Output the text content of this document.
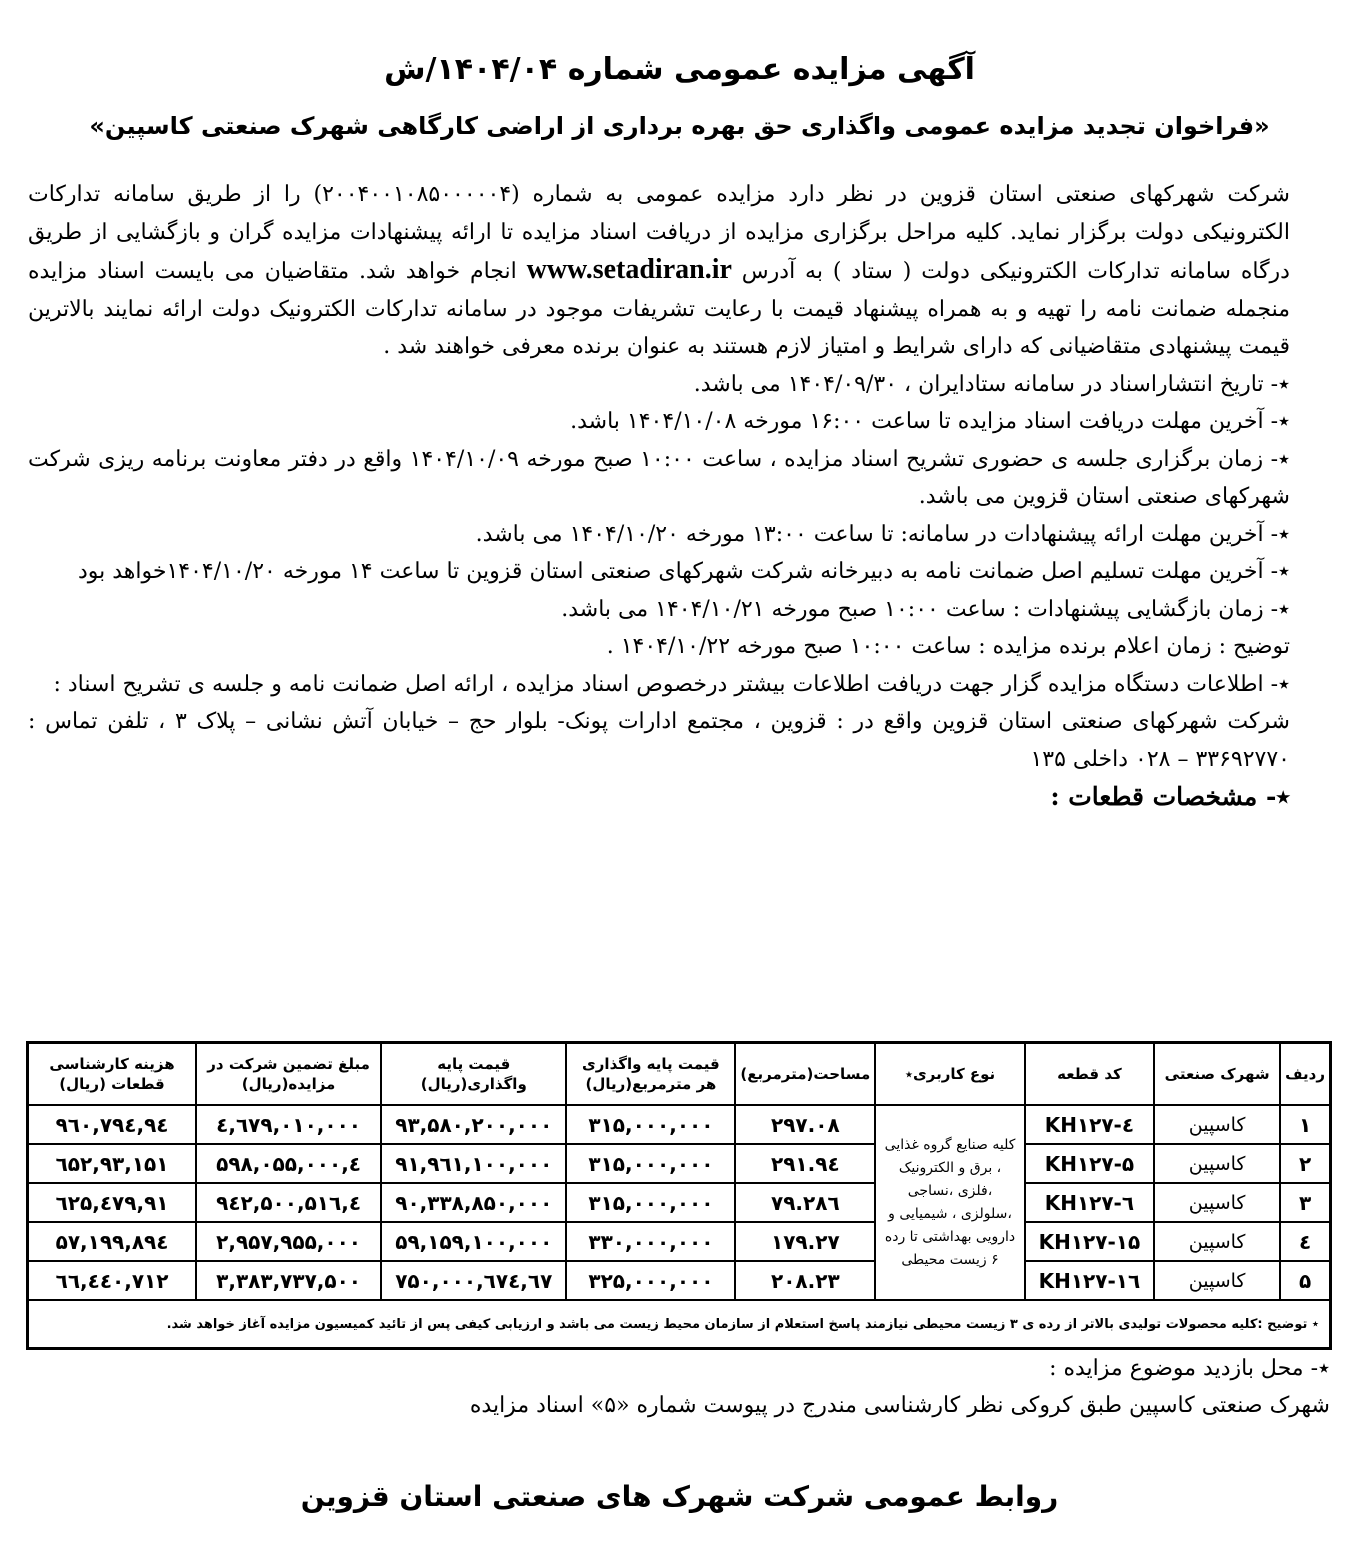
آگهی مزایده عمومی شماره ۱۴۰۴/۰۴/ش
«فراخوان تجدید مزایده عمومی واگذاری حق بهره برداری از اراضی کارگاهی شهرک صنعتی کاسپین»

شرکت شهرکهای صنعتی استان قزوین در نظر دارد مزایده عمومی به شماره (۲۰۰۴۰۰۱۰۸۵۰۰۰۰۰۴) را از طریق سامانه تدارکات الکترونیکی دولت برگزار نماید. کلیه مراحل برگزاری مزایده از دریافت اسناد مزایده تا ارائه پیشنهادات مزایده گران و بازگشایی از طریق درگاه سامانه تدارکات الکترونیکی دولت ( ستاد ) به آدرس www.setadiran.ir انجام خواهد شد. متقاضیان می بایست اسناد مزایده منجمله ضمانت نامه را تهیه و به همراه پیشنهاد قیمت با رعایت تشریفات موجود در سامانه تدارکات الکترونیک دولت ارائه نمایند بالاترین قیمت پیشنهادی متقاضیانی که دارای شرایط و امتیاز لازم هستند به عنوان برنده معرفی خواهند شد .

٭- تاریخ انتشاراسناد در سامانه ستادایران ، ۱۴۰۴/۰۹/۳۰ می باشد.

٭- آخرین مهلت دریافت اسناد مزایده تا ساعت ۱۶:۰۰ مورخه ۱۴۰۴/۱۰/۰۸ باشد.

٭- زمان برگزاری جلسه ی حضوری تشریح اسناد مزایده ، ساعت ۱۰:۰۰ صبح مورخه ۱۴۰۴/۱۰/۰۹ واقع در دفتر معاونت برنامه ریزی شرکت شهرکهای صنعتی استان قزوین می باشد.

٭- آخرین مهلت ارائه پیشنهادات در سامانه: تا ساعت ۱۳:۰۰ مورخه ۱۴۰۴/۱۰/۲۰ می باشد.

٭- آخرین مهلت تسلیم اصل ضمانت نامه به دبیرخانه شرکت شهرکهای صنعتی استان قزوین تا ساعت ۱۴ مورخه ۱۴۰۴/۱۰/۲۰خواهد بود

٭- زمان بازگشایی پیشنهادات : ساعت ۱۰:۰۰ صبح مورخه ۱۴۰۴/۱۰/۲۱ می باشد.

توضیح : زمان اعلام برنده مزایده : ساعت ۱۰:۰۰ صبح مورخه ۱۴۰۴/۱۰/۲۲ .

٭- اطلاعات دستگاه مزایده گزار جهت دریافت اطلاعات بیشتر درخصوص اسناد مزایده ، ارائه اصل ضمانت نامه و جلسه ی تشریح اسناد :

شرکت شهرکهای صنعتی استان قزوین واقع در : قزوین ، مجتمع ادارات پونک- بلوار حج – خیابان آتش نشانی – پلاک ۳ ، تلفن تماس : ۳۳۶۹۲۷۷۰ – ۰۲۸ داخلی ۱۳۵

٭- مشخصات قطعات :

ردیف	شهرک صنعتی	کد قطعه	نوع کاربری٭	مساحت(مترمربع)	قیمت پایه واگذاری هر مترمربع(ریال)	قیمت پایه واگذاری(ریال)	مبلغ تضمین شرکت در مزایده(ریال)	هزینه کارشناسی قطعات (ریال)
۱	کاسپین	KH۱۲۷-٤	کلیه صنایع گروه غذایی ، برق و الکترونیک ،فلزی ،نساجی ،سلولزی ، شیمیایی و دارویی بهداشتی تا رده ۶ زیست محیطی	۲۹۷.۰۸	۳۱۵,۰۰۰,۰۰۰	۹۳,۵۸۰,۲۰۰,۰۰۰	٤,٦٧۹,۰۱۰,۰۰۰	۹٤,۷۹٤,۹٦۰
۲	کاسپین	KH۱۲۷-۵		۲۹۱.۹٤	۳۱۵,۰۰۰,۰۰۰	۹۱,۹٦۱,۱۰۰,۰۰۰	٤,۵۹۸,۰۵۵,۰۰۰	۹۳,۱۵۱,٦۵۲
۳	کاسپین	KH۱۲۷-٦		۲۸٦.۷۹	۳۱۵,۰۰۰,۰۰۰	۹۰,۳۳۸,۸۵۰,۰۰۰	٤,۵۱٦,۹٤۲,۵۰۰	۹۱,٤۷۹,٦۲۵
٤	کاسپین	KH۱۲۷-۱۵		۱۷۹.۲۷	۳۳۰,۰۰۰,۰۰۰	۵۹,۱۵۹,۱۰۰,۰۰۰	۲,۹۵۷,۹۵۵,۰۰۰	۵۷,۱۹۹,۸۹٤
۵	کاسپین	KH۱۲۷-۱٦		۲۰۸.۲۳	۳۲۵,۰۰۰,۰۰۰	٦۷,٦۷٤,۷۵۰,۰۰۰	۳,۳۸۳,۷۳۷,۵۰۰	٦٦,٤٤۰,۷۱۲
٭ توضیح :کلیه محصولات تولیدی بالاتر از رده ی ۳ زیست محیطی نیازمند پاسخ استعلام از سازمان محیط زیست می باشد و ارزیابی کیفی پس از تائید کمیسیون مزایده آغاز خواهد شد.								

٭- محل بازدید موضوع مزایده :

شهرک صنعتی کاسپین طبق کروکی نظر کارشناسی مندرج در پیوست شماره «۵» اسناد مزایده

روابط عمومی شرکت شهرک های صنعتی استان قزوین
